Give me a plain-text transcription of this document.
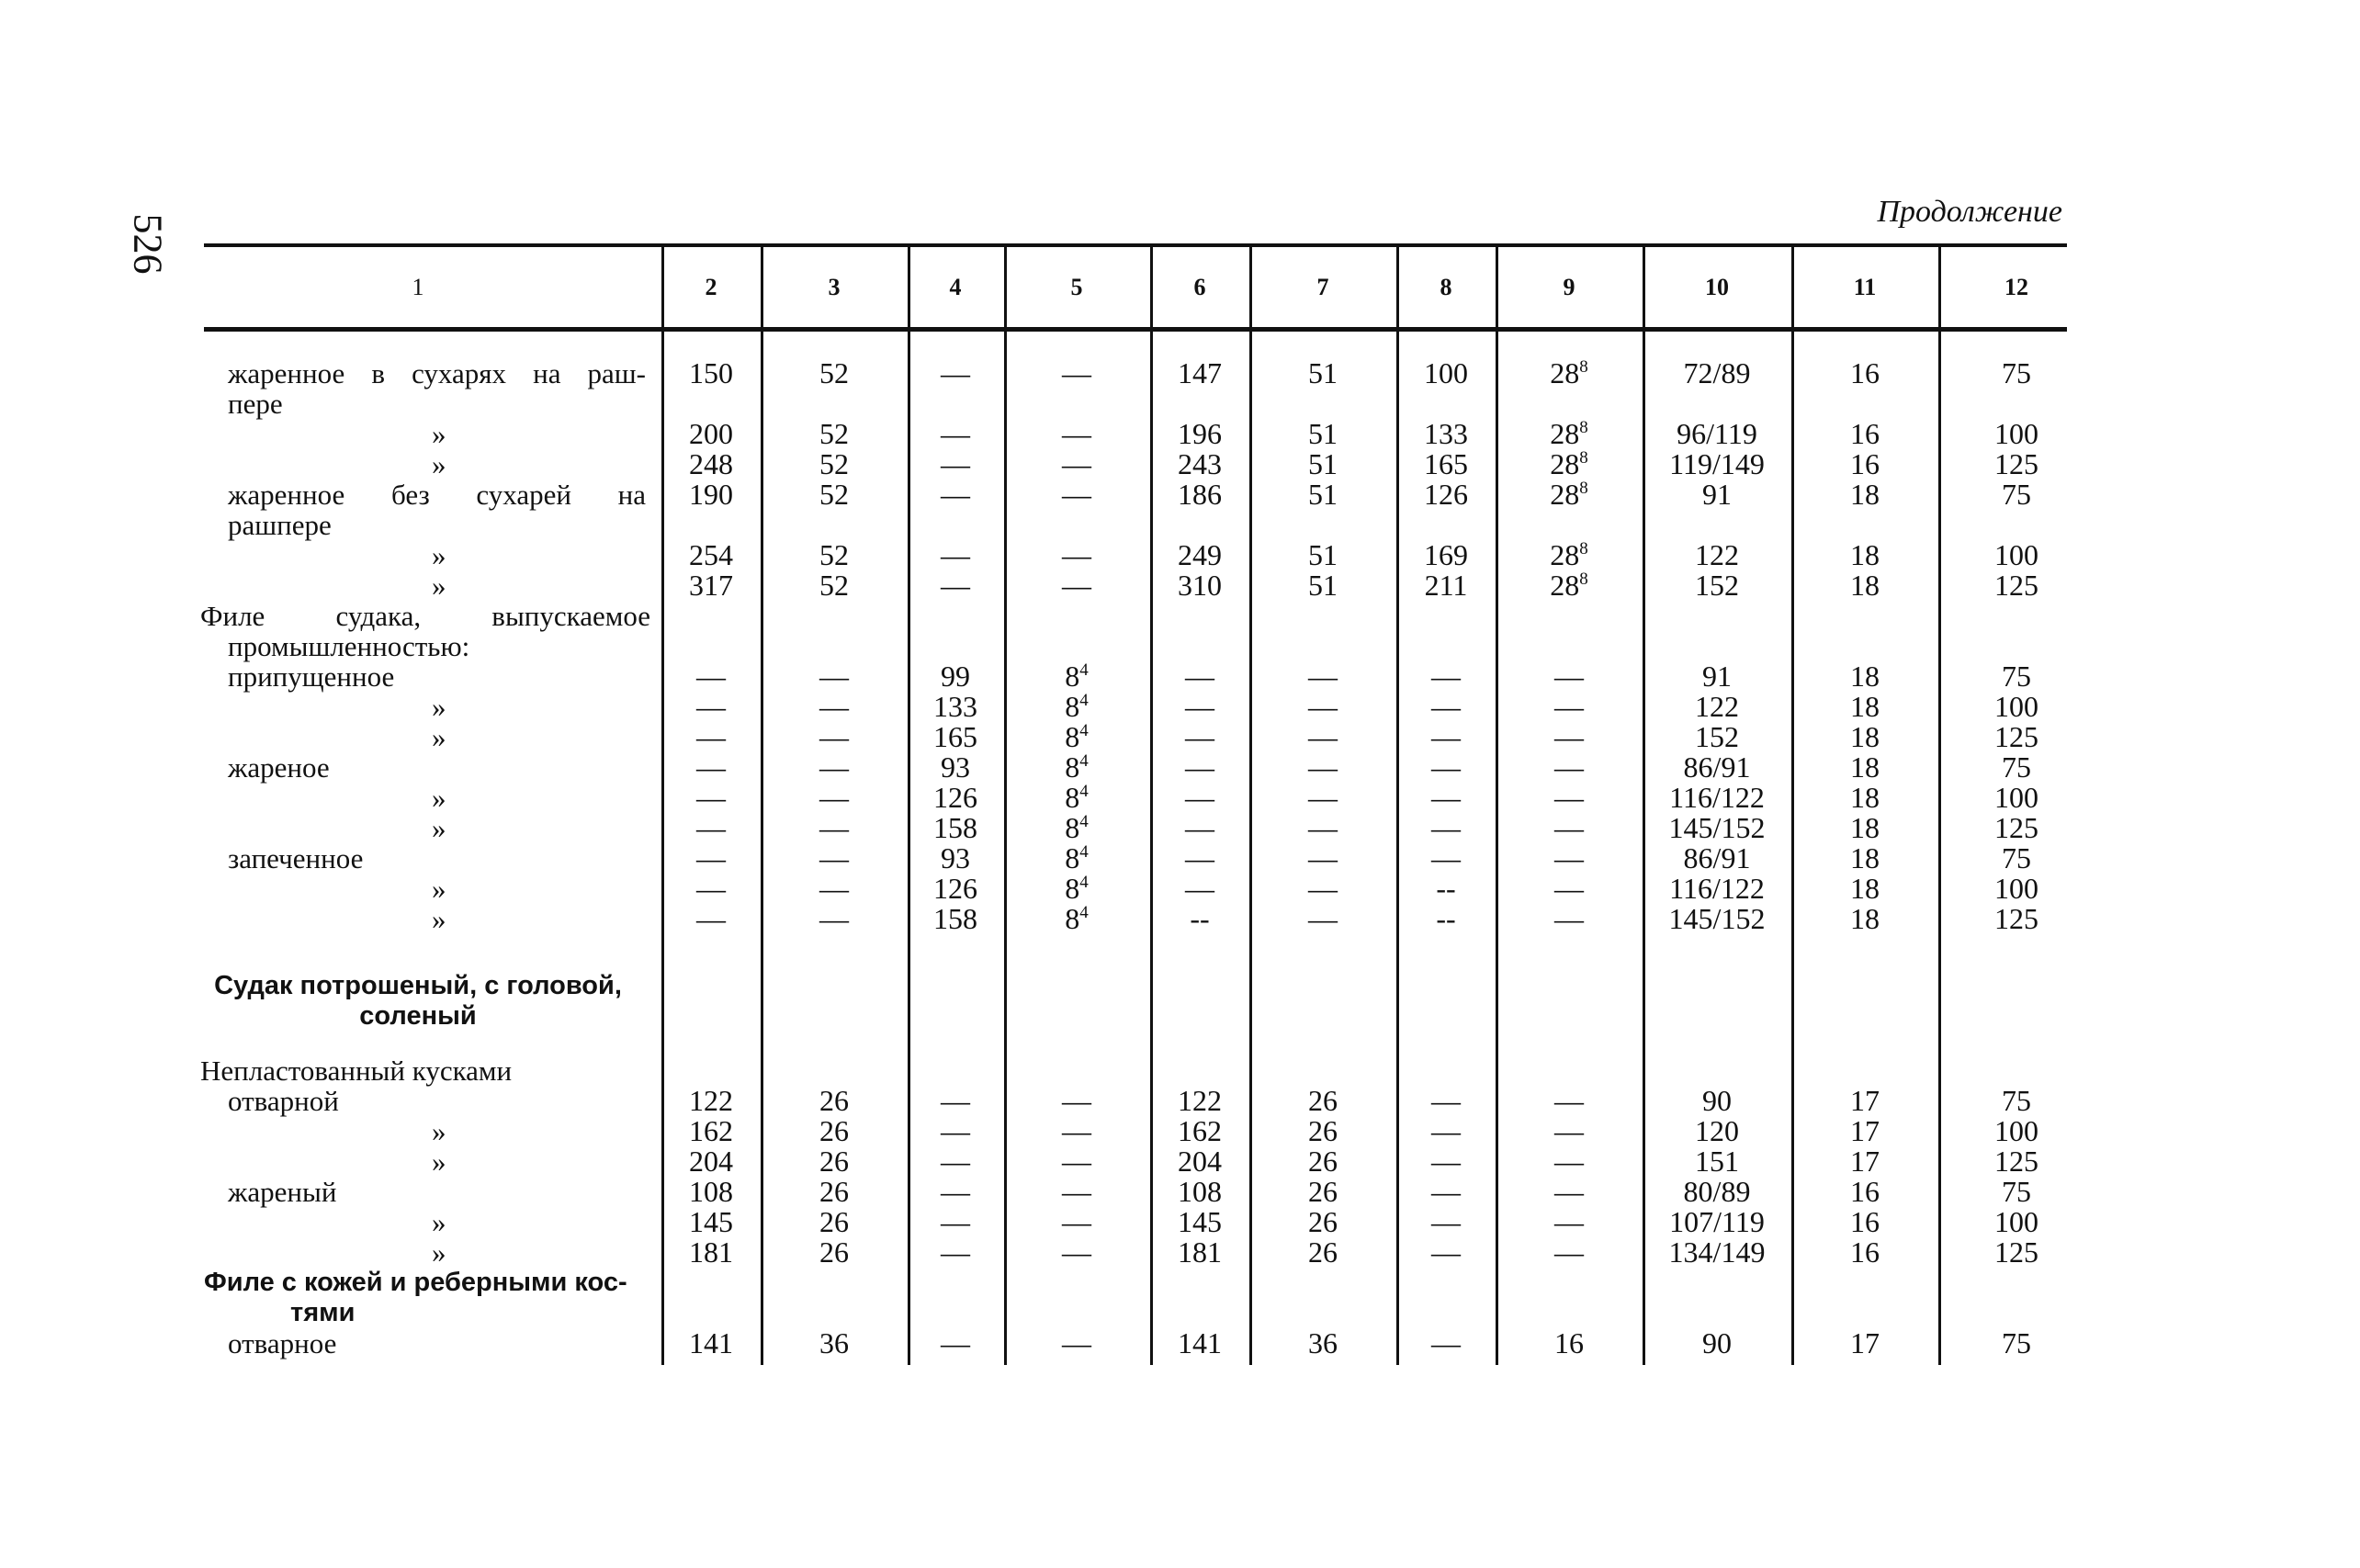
526
Продолжение
1	2	3	4	5	6	7	8	9	10	11	12
жаренное в сухарях на раш-
пере
150	52	—	—	147	51	100	$28^8$	72/89	16	75
»	200	52	—	—	196	51	133	$28^8$	96/119	16	100
»	248	52	—	—	243	51	165	$28^8$	119/149	16	125
жаренное без сухарей на
рашпере
190	52	—	—	186	51	126	$28^8$	91	18	75
»	254	52	—	—	249	51	169	$28^8$	122	18	100
»	317	52	—	—	310	51	211	$28^8$	152	18	125
Филе судака, выпускаемое
промышленностью:
припущенное	—	—	99	$8^4$	—	—	—	—	91	18	75
»	—	—	133	$8^4$	—	—	—	—	122	18	100
»	—	—	165	$8^4$	—	—	—	—	152	18	125
жареное	—	—	93	$8^4$	—	—	—	—	86/91	18	75
»	—	—	126	$8^4$	—	—	—	—	116/122	18	100
»	—	—	158	$8^4$	—	—	—	—	145/152	18	125
запеченное	—	—	93	$8^4$	—	—	—	—	86/91	18	75
»	—	—	126	$8^4$	—	—	--	—	116/122	18	100
»	—	—	158	$8^4$	--	—	--	—	145/152	18	125
Судак потрошеный, с головой,
соленый
Непластованный кусками
отварной	122	26	—	—	122	26	—	—	90	17	75
»	162	26	—	—	162	26	—	—	120	17	100
»	204	26	—	—	204	26	—	—	151	17	125
жареный	108	26	—	—	108	26	—	—	80/89	16	75
»	145	26	—	—	145	26	—	—	107/119	16	100
»	181	26	—	—	181	26	—	—	134/149	16	125
Филе с кожей и реберными кос-
тями
отварное	141	36	—	—	141	36	—	16	90	17	75
